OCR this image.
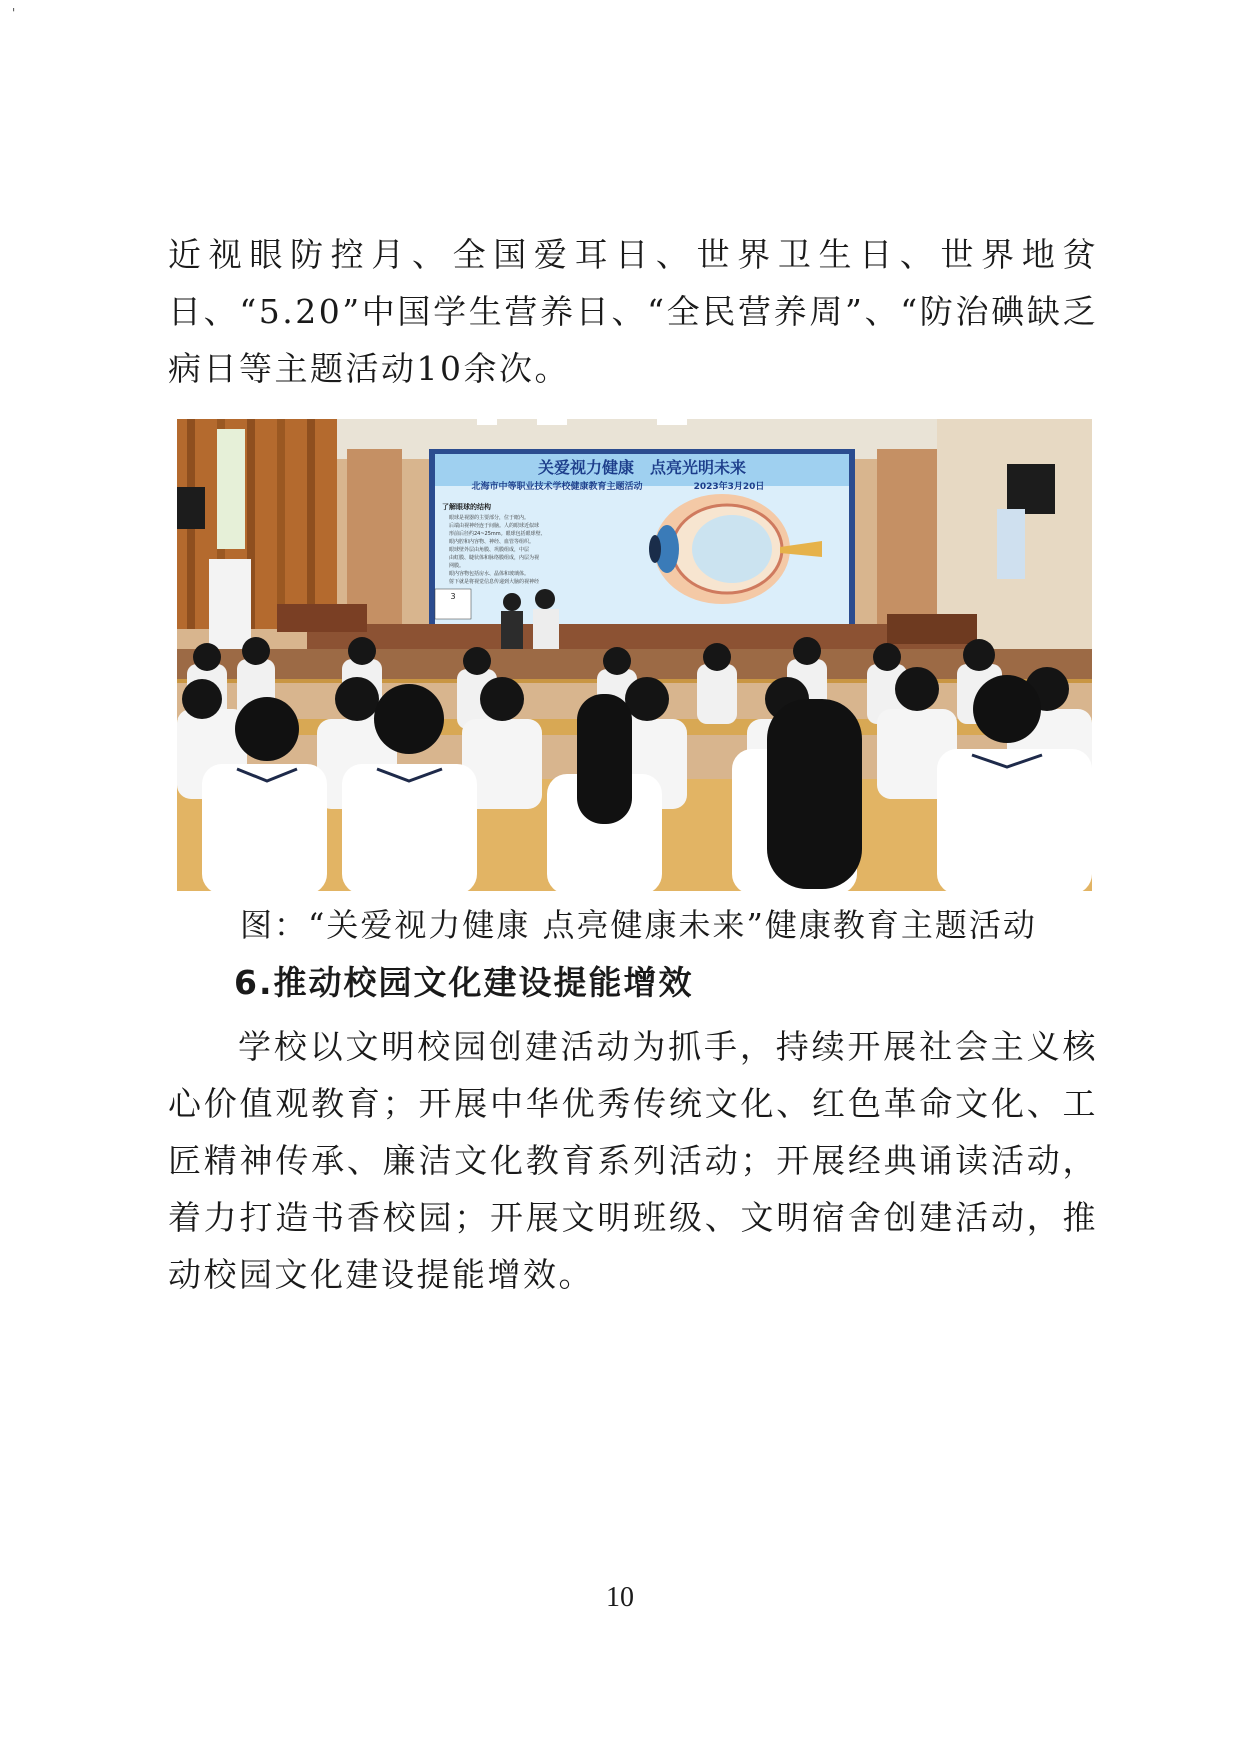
'

近视眼防控月、全国爱耳日、世界卫生日、世界地贫日、“5.20”中国学生营养日、“全民营养周”、“防治碘缺乏病日等主题活动10余次。

关爱视力健康　点亮光明未来
北海市中等职业技术学校健康教育主题活动	2023年3月20日
了解眼球的结构
眼球是视器的主要部分，位于眶内。
后端由视神经连于间脑。人的眼球近似球
形前后径约24~25mm。眼球包括眼球壁、
眼内腔和内容物、神经、血管等组织。
眼球壁外层由角膜、巩膜组成，中层
由虹膜、睫状体和脉络膜组成，内层为视
网膜。
眼内容物包括房水、晶体和玻璃体。
射下就是将视觉信息传递到大脑的视神经
3

图：“关爱视力健康 点亮健康未来”健康教育主题活动

6.推动校园文化建设提能增效

学校以文明校园创建活动为抓手，持续开展社会主义核心价值观教育；开展中华优秀传统文化、红色革命文化、工匠精神传承、廉洁文化教育系列活动；开展经典诵读活动，着力打造书香校园；开展文明班级、文明宿舍创建活动，推动校园文化建设提能增效。

10
